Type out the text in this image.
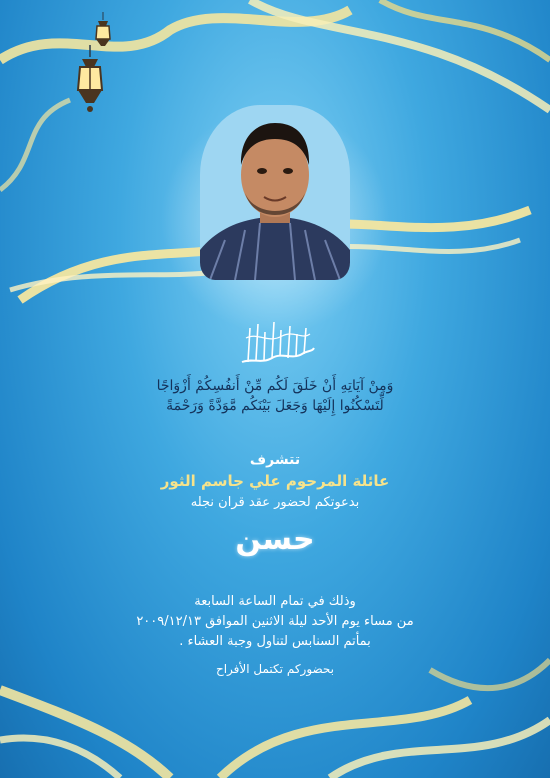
وَمِنْ آيَاتِهِ أَنْ خَلَقَ لَكُم مِّنْ أَنفُسِكُمْ أَزْوَاجًا
لِّتَسْكُنُوا إِلَيْهَا وَجَعَلَ بَيْنَكُم مَّوَدَّةً وَرَحْمَةً
تتشرف
عائلة المرحوم علي جاسم الثور
بدعوتكم لحضور عقد قران نجله
حسن
وذلك في تمام الساعة السابعة
من مساء يوم الأحد ليلة الاثنين الموافق ٢٠٠٩/١٢/١٣
بمأتم السنابس لتناول وجبة العشاء .
بحضوركم تكتمل الأفراح
